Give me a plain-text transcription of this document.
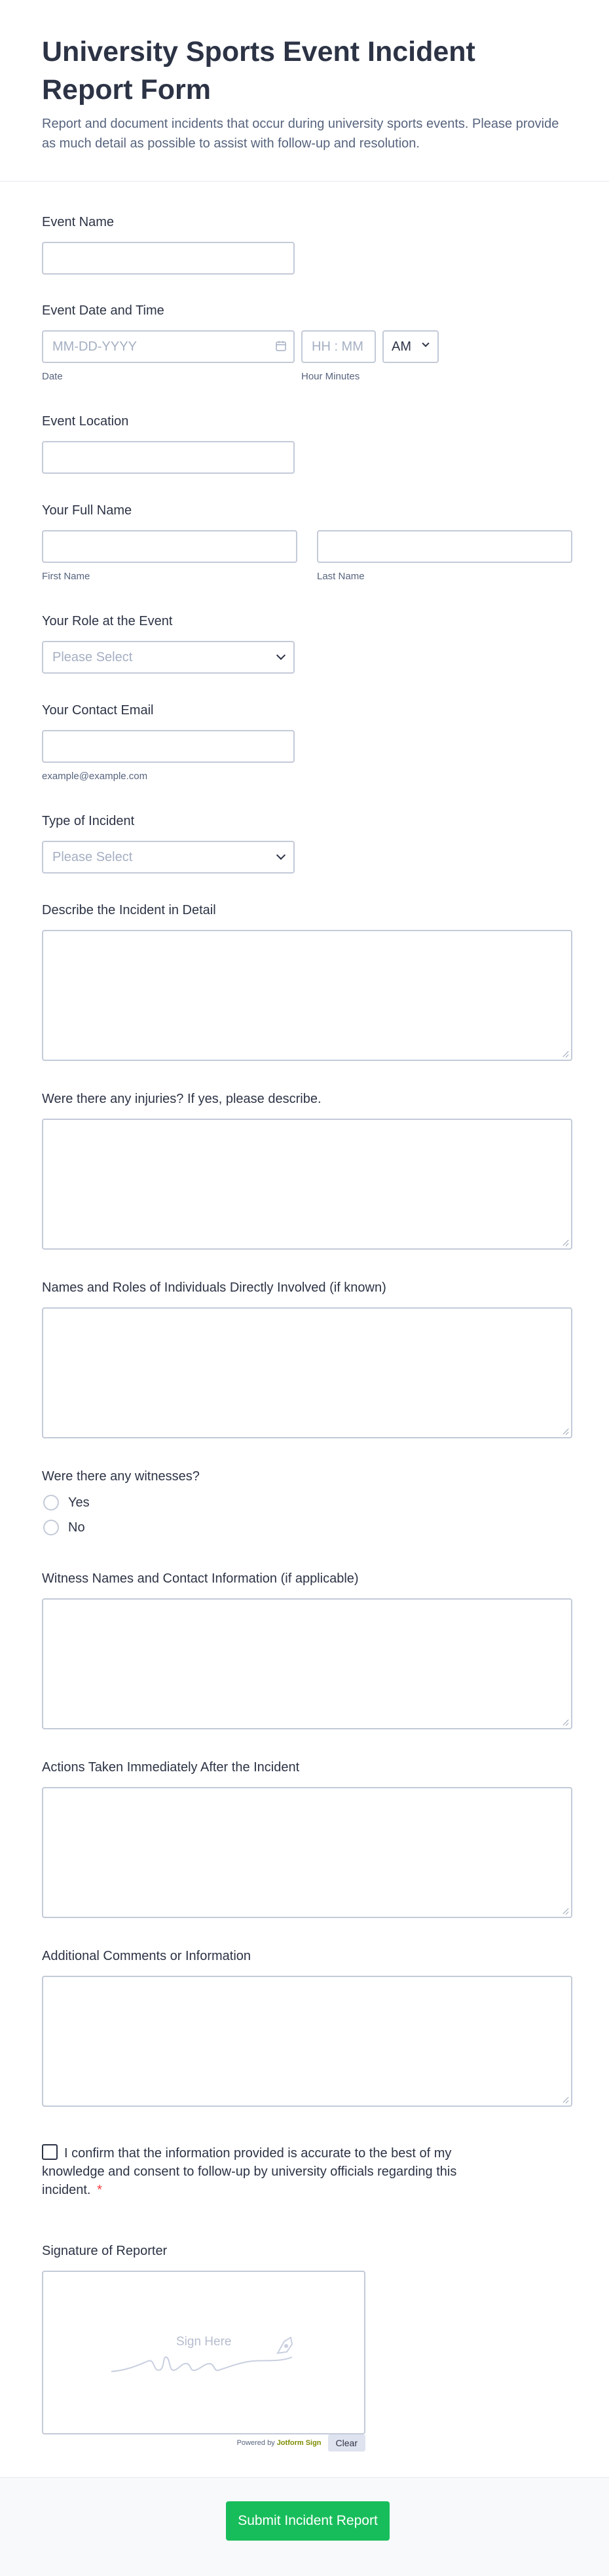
University Sports Event Incident Report Form

Report and document incidents that occur during university sports events. Please provide as much detail as possible to assist with follow-up and resolution.

Event Name
Event Date and Time
MM-DD-YYYY
Date
HH : MM
Hour Minutes
AM
Event Location
Your Full Name
First Name	Last Name
Your Role at the Event
Please Select
Your Contact Email
example@example.com
Type of Incident
Please Select
Describe the Incident in Detail
Were there any injuries? If yes, please describe.
Names and Roles of Individuals Directly Involved (if known)
Were there any witnesses?
Yes
No
Witness Names and Contact Information (if applicable)
Actions Taken Immediately After the Incident
Additional Comments or Information
I confirm that the information provided is accurate to the best of my knowledge and consent to follow-up by university officials regarding this incident. *
Signature of Reporter
Sign Here
Powered by Jotform Sign	Clear
Submit Incident Report
